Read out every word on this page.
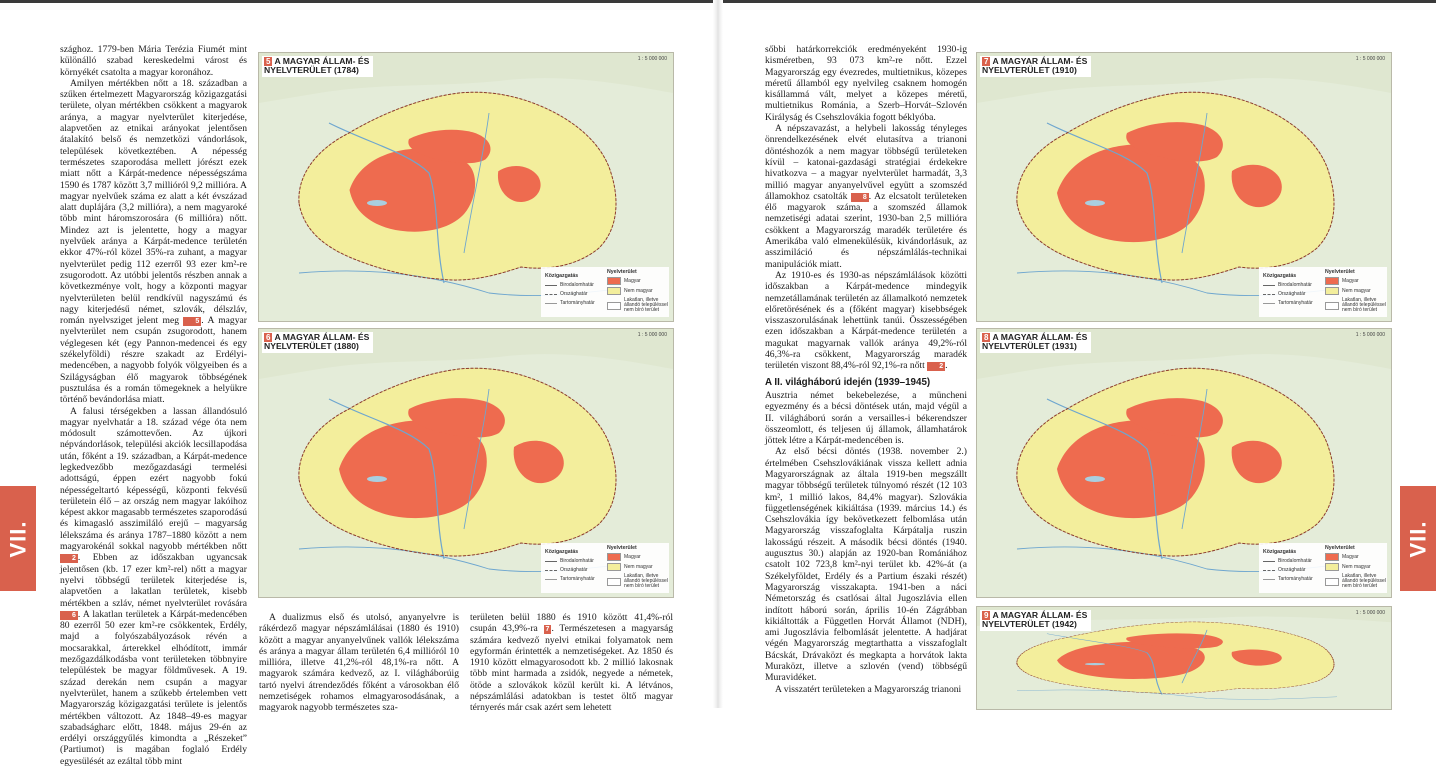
VII.	VII.

szághoz. 1779-ben Mária Terézia Fiumét mint különálló szabad kereskedelmi várost és környékét csatolta a magyar koronához.

Amilyen mértékben nőtt a 18. században a szűken értelmezett Magyarország közigazgatási területe, olyan mértékben csökkent a magyarok aránya, a magyar nyelvterület kiterjedése, alapvetően az etnikai arányokat jelentősen átalakító belső és nemzetközi vándorlások, települések következtében. A népesség természetes szaporodása mellett jórészt ezek miatt nőtt a Kárpát-medence népességszáma 1590 és 1787 között 3,7 millióról 9,2 millióra. A magyar nyelvűek száma ez alatt a két évszázad alatt duplájára (3,2 millióra), a nem magyaroké több mint háromszorosára (6 millióra) nőtt. Mindez azt is jelentette, hogy a magyar nyelvűek aránya a Kárpát-medence területén ekkor 47%-ról közel 35%-ra zuhant, a magyar nyelvterület pedig 112 ezerről 93 ezer km²-re zsugorodott. Az utóbbi jelentős részben annak a következménye volt, hogy a központi magyar nyelvterületen belül rendkívül nagyszámú és nagy kiterjedésű német, szlovák, délszláv, román nyelvsziget jelent meg 5 . A magyar nyelvterület nem csupán zsugorodott, hanem véglegesen két (egy Pannon-medencei és egy székelyföldi) részre szakadt az Erdélyi-medencében, a nagyobb folyók völgyeiben és a Szilágyságban élő magyarok többségének pusztulása és a román tömegeknek a helyükre történő bevándorlása miatt.

A falusi térségekben a lassan állandósuló magyar nyelvhatár a 18. század vége óta nem módosult számottevően. Az újkori népvándorlások, települési akciók lecsillapodása után, főként a 19. században, a Kárpát-medence legkedvezőbb mezőgazdasági termelési adottságú, éppen ezért nagyobb fokú népességeltartó képességű, központi fekvésű területein élő – az ország nem magyar lakóihoz képest akkor magasabb természetes szaporodású és kimagasló asszimiláló erejű – magyarság lélekszáma és aránya 1787–1880 között a nem magyarokénál sokkal nagyobb mértékben nőtt 2 . Ebben az időszakban ugyancsak jelentősen (kb. 17 ezer km²-rel) nőtt a magyar nyelvi többségű területek kiterjedése is, alapvetően a lakatlan területek, kisebb mértékben a szláv, német nyelvterület rovására 6 . A lakatlan területek a Kárpát-medencében 80 ezerről 50 ezer km²-re csökkentek, Erdély, majd a folyószabályozások révén a mocsarakkal, árterekkel elhódított, immár mezőgazdálkodásba vont területeken többnyire településtek be magyar földművesek. A 19. század derekán nem csupán a magyar nyelvterület, hanem a szűkebb értelemben vett Magyarország közigazgatási területe is jelentős mértékben változott. Az 1848–49-es magyar szabadságharc előtt, 1848. május 29-én az erdélyi országgyűlés kimondta a „Részeket” (Partiumot) is magában foglaló Erdély egyesülését az ezáltal több mint

A dualizmus első és utolsó, anyanyelvre is rákérdező magyar népszámlálásai (1880 és 1910) között a magyar anyanyelvűnek vallók lélekszáma és aránya a magyar állam területén 6,4 millióról 10 millióra, illetve 41,2%-ról 48,1%-ra nőtt. A magyarok számára kedvező, az I. világháborúig tartó nyelvi átrendeződés főként a városokban élő nemzetiségek rohamos elmagyarosodásának, a magyarok nagyobb természetes sza-

területen belül 1880 és 1910 között 41,4%-ról csupán 43,9%-ra 7 . Természetesen a magyarság számára kedvező nyelvi etnikai folyamatok nem egyformán érintették a nemzetiségeket. Az 1850 és 1910 között elmagyarosodott kb. 2 millió lakosnak több mint harmada a zsidók, negyede a németek, ötöde a szlovákok közül került ki. A létvános, népszámlálási adatokban is testet öltő magyar térnyerés már csak azért sem lehetett

sőbbi határkorrekciók eredményeként 1930-ig kisméretben, 93 073 km²-re nőtt. Ezzel Magyarország egy évezredes, multietnikus, közepes méretű államból egy nyelvileg csaknem homogén kisállammá vált, melyet a közepes méretű, multietnikus Románia, a Szerb–Horvát–Szlovén Királyság és Csehszlovákia fogott béklyóba.

A népszavazást, a helybeli lakosság tényleges önrendelkezésének elvét elutasítva a trianoni döntéshozók a nem magyar többségű területeken kívül – katonai-gazdasági stratégiai érdekekre hivatkozva – a magyar nyelvterület harmadát, 3,3 millió magyar anyanyelvűvel együtt a szomszéd államokhoz csatolták 8 . Az elcsatolt területeken élő magyarok száma, a szomszéd államok nemzetiségi adatai szerint, 1930-ban 2,5 millióra csökkent a Magyarország maradék területére és Amerikába való elmenekülésük, kivándorlásuk, az asszimiláció és népszámlálás-technikai manipulációk miatt.

Az 1910-es és 1930-as népszámlálások közötti időszakban a Kárpát-medence mindegyik nemzetállamának területén az államalkotó nemzetek előretörésének és a (főként magyar) kisebbségek visszaszorulásának lehettünk tanúi. Összességében ezen időszakban a Kárpát-medence területén a magukat magyarnak vallók aránya 49,2%-ról 46,3%-ra csökkent, Magyarország maradék területén viszont 88,4%-ról 92,1%-ra nőtt 2 .

A II. világháború idején (1939–1945)

Ausztria német bekebelezése, a müncheni egyezmény és a bécsi döntések után, majd végül a II. világháború során a versailles-i békerendszer összeomlott, és teljesen új államok, államhatárok jöttek létre a Kárpát-medencében is.

Az első bécsi döntés (1938. november 2.) értelmében Csehszlovákiának vissza kellett adnia Magyarországnak az általa 1919-ben megszállt magyar többségű területek túlnyomó részét (12 103 km², 1 millió lakos, 84,4% magyar). Szlovákia függetlenségének kikiáltása (1939. március 14.) és Csehszlovákia így bekövetkezett felbomlása után Magyarország visszafoglalta Kárpátalja ruszin lakosságú részeit. A második bécsi döntés (1940. augusztus 30.) alapján az 1920-ban Romániához csatolt 102 723,8 km²-nyi terület kb. 42%-át (a Székelyföldet, Erdély és a Partium északi részét) Magyarország visszakapta. 1941-ben a náci Németország és csatlósai által Jugoszlávia ellen indított háború során, április 10-én Zágrábban kikiáltották a Független Horvát Államot (NDH), ami Jugoszlávia felbomlását jelentette. A hadjárat végén Magyarország megtarthatta a visszafoglalt Bácskát, Drávaközt és megkapta a horvátok lakta Muraközt, illetve a szlovén (vend) többségű Muravidéket.

A visszatért területeken a Magyarország trianoni

5 A MAGYAR ÁLLAM- ÉS
NYELVTERÜLET (1784)
1 : 5 000 000
Közigazgatás
Nyelvterület
Birodalomhatár
Országhatár
Tartományhatár
Magyar
Nem magyar
Lakatlan, illetve állandó településsel nem bíró terület
6 A MAGYAR ÁLLAM- ÉS
NYELVTERÜLET (1880)
1 : 5 000 000
Közigazgatás
Nyelvterület
Birodalomhatár
Országhatár
Tartományhatár
Magyar
Nem magyar
Lakatlan, illetve állandó településsel nem bíró terület
7 A MAGYAR ÁLLAM- ÉS
NYELVTERÜLET (1910)
1 : 5 000 000
Közigazgatás
Nyelvterület
Birodalomhatár
Országhatár
Tartományhatár
Magyar
Nem magyar
Lakatlan, illetve állandó településsel nem bíró terület
8 A MAGYAR ÁLLAM- ÉS
NYELVTERÜLET (1931)
1 : 5 000 000
Közigazgatás
Nyelvterület
Birodalomhatár
Országhatár
Tartományhatár
Magyar
Nem magyar
Lakatlan, illetve állandó településsel nem bíró terület
9 A MAGYAR ÁLLAM- ÉS
NYELVTERÜLET (1942)
1 : 5 000 000
